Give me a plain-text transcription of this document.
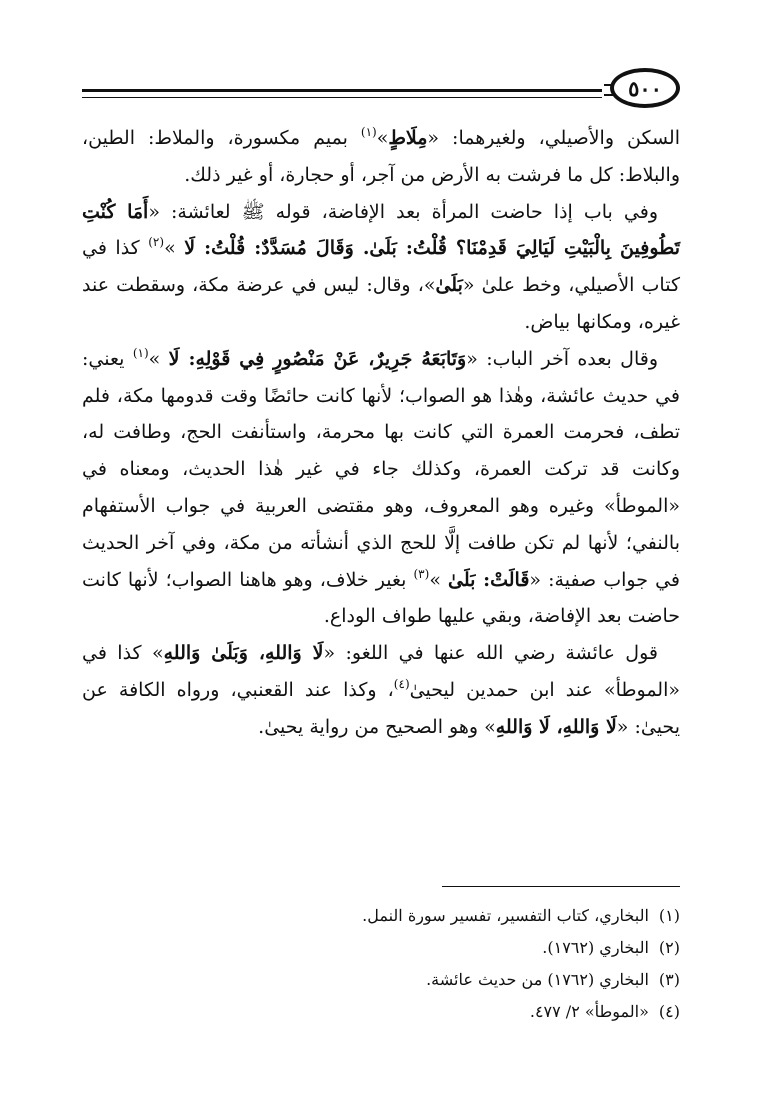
٥٠٠

السكن والأصيلي، ولغيرهما: «مِلَاطٍ»$^{(١)}$ بميم مكسورة، والملاط: الطين، والبلاط: كل ما فرشت به الأرض من آجر، أو حجارة، أو غير ذلك.

وفي باب إذا حاضت المرأة بعد الإفاضة، قوله ﷺ لعائشة: «أَمَا كُنْتِ تَطُوفِينَ بِالْبَيْتِ لَيَالِيَ قَدِمْنَا؟ قُلْتُ: بَلَىٰ. وَقَالَ مُسَدَّدٌ: قُلْتُ: لَا »$^{(٢)}$ كذا في كتاب الأصيلي، وخط علىٰ «بَلَىٰ»، وقال: ليس في عرضة مكة، وسقطت عند غيره، ومكانها بياض.

وقال بعده آخر الباب: «وَتَابَعَهُ جَرِيرٌ، عَنْ مَنْصُورٍ فِي قَوْلِهِ: لَا »$^{(١)}$ يعني: في حديث عائشة، وهٰذا هو الصواب؛ لأنها كانت حائضًا وقت قدومها مكة، فلم تطف، فحرمت العمرة التي كانت بها محرمة، واستأنفت الحج، وطافت له، وكانت قد تركت العمرة، وكذلك جاء في غير هٰذا الحديث، ومعناه في «الموطأ» وغيره وهو المعروف، وهو مقتضى العربية في جواب الأستفهام بالنفي؛ لأنها لم تكن طافت إلَّا للحج الذي أنشأته من مكة، وفي آخر الحديث في جواب صفية: «قَالَتْ: بَلَىٰ »$^{(٣)}$ بغير خلاف، وهو هاهنا الصواب؛ لأنها كانت حاضت بعد الإفاضة، وبقي عليها طواف الوداع.

قول عائشة رضي الله عنها في اللغو: «لَا وَاللهِ، وَبَلَىٰ وَاللهِ» كذا في «الموطأ» عند ابن حمدين ليحيىٰ$^{(٤)}$، وكذا عند القعنبي، ورواه الكافة عن يحيىٰ: «لَا وَاللهِ، لَا وَاللهِ» وهو الصحيح من رواية يحيىٰ.

(١)البخاري، كتاب التفسير، تفسير سورة النمل.
(٢)البخاري (١٧٦٢).
(٣)البخاري (١٧٦٢) من حديث عائشة.
(٤)«الموطأ» ٢/ ٤٧٧.
